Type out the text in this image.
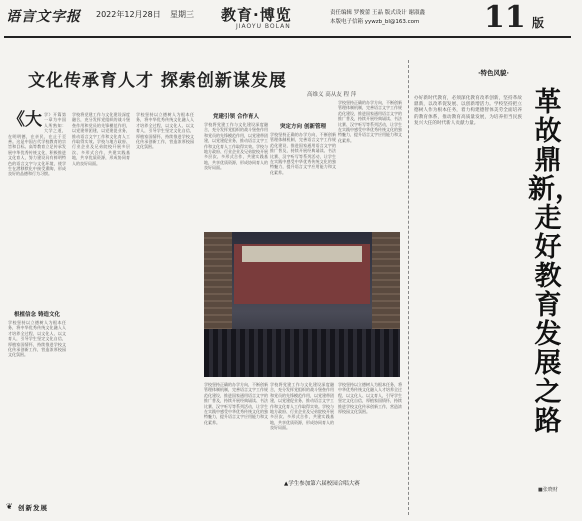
语言文字报 2022年12月28日 星期三 教育·博览
JIAOYU BOLAN
责任编辑 罗俊蕾 王晶 版式设计 谢淑鑫
本版电子信箱 yywzb_bl@163.com 11 版
文化传承育人才 探索创新谋发展
高维义 高从友 程 萍
《大 学》开篇第一章为中国人所熟知：大学之道，在明明德，在亲民，在止于至善。这是中国古代学校教育的宗旨和目标。高等教育立足传承发展中华优秀传统文化，积极推进文化育人，努力建设具有鲜明特色的语言文字与文化环境，使学生在潜移默化中接受熏陶，形成良好的品德和行为习惯。
根植信念 铸造文化
学校坚持以立德树人为根本任务，将中华优秀传统文化融入人才培养全过程，以文化人、以文育人，引导学生坚定文化自信，厚植家国情怀，持续推进学校文化传承创新工作，营造浓厚校园文化氛围。
学校将党建工作与文化建设深度融合，充分发挥党组织的战斗堡垒作用和党员的先锋模范作用，以党建带团建，以党建促业务，推动语言文字工作和文化育人工作取得实效。学校与地方政府、行业企业及兄弟院校开展多层次、多形式合作，共建实践基地，共享优质资源，形成协同育人的良好局面。
学校坚持以立德树人为根本任务，将中华优秀传统文化融入人才培养全过程，以文化人、以文育人，引导学生坚定文化自信，厚植家国情怀，持续推进学校文化传承创新工作，营造浓厚校园文化氛围。
党建引领 合作育人
学校将党建工作与文化建设深度融合，充分发挥党组织的战斗堡垒作用和党员的先锋模范作用，以党建带团建，以党建促业务，推动语言文字工作和文化育人工作取得实效。学校与地方政府、行业企业及兄弟院校开展多层次、多形式合作，共建实践基地，共享优质资源，形成协同育人的良好局面。
突定方向 创新管理
学校坚持正确的办学方向，不断创新管理体制机制，完善语言文字工作规范化建设，推进国家通用语言文字的推广普及，持续开展经典诵读、书法比赛、汉字听写等系列活动，让学生在实践中感受中华优秀传统文化的独特魅力，提升语言文字应用能力和文化素养。
学校坚持正确的办学方向，不断创新管理体制机制，完善语言文字工作规范化建设，推进国家通用语言文字的推广普及，持续开展经典诵读、书法比赛、汉字听写等系列活动，让学生在实践中感受中华优秀传统文化的独特魅力，提升语言文字应用能力和文化素养。
学校坚持正确的办学方向，不断创新管理体制机制，完善语言文字工作规范化建设，推进国家通用语言文字的推广普及，持续开展经典诵读、书法比赛、汉字听写等系列活动，让学生在实践中感受中华优秀传统文化的独特魅力，提升语言文字应用能力和文化素养。
学校将党建工作与文化建设深度融合，充分发挥党组织的战斗堡垒作用和党员的先锋模范作用，以党建带团建，以党建促业务，推动语言文字工作和文化育人工作取得实效。学校与地方政府、行业企业及兄弟院校开展多层次、多形式合作，共建实践基地，共享优质资源，形成协同育人的良好局面。
学校坚持以立德树人为根本任务，将中华优秀传统文化融入人才培养全过程，以文化人、以文育人，引导学生坚定文化自信，厚植家国情怀，持续推进学校文化传承创新工作，营造浓厚校园文化氛围。
▲学生参加第六届校园合唱大赛
❦ 创新发展
·特色风貌·
办好新时代教育，必须深化教育改革创新，坚持革故鼎新，以改革促发展、以创新增活力。学校坚持把立德树人作为根本任务，着力构建德智体美劳全面培养的教育体系，推动教育高质量发展，为培养担当民族复兴大任的时代新人贡献力量。
革故鼎新，走好教育发展之路
■张晓财
